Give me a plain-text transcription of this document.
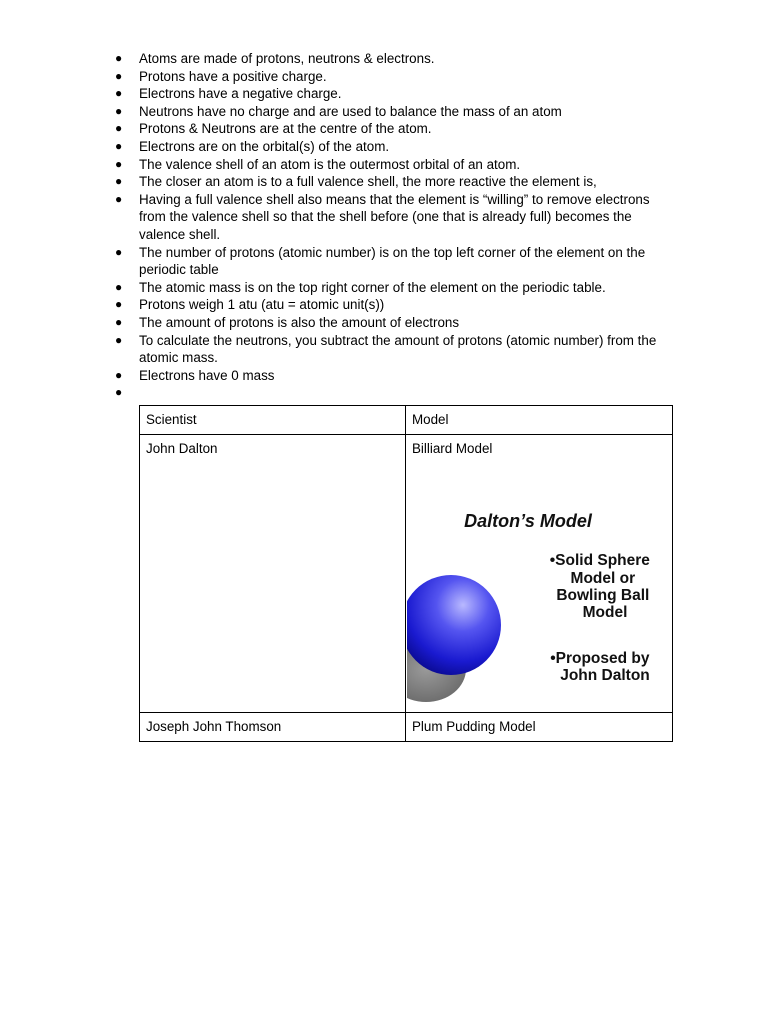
● Atoms are made of protons, neutrons & electrons.
● Protons have a positive charge.
● Electrons have a negative charge.
● Neutrons have no charge and are used to balance the mass of an atom
● Protons & Neutrons are at the centre of the atom.
● Electrons are on the orbital(s) of the atom.
● The valence shell of an atom is the outermost orbital of an atom.
● The closer an atom is to a full valence shell, the more reactive the element is,
● Having a full valence shell also means that the element is “willing” to remove electrons from the valence shell so that the shell before (one that is already full) becomes the valence shell.
● The number of protons (atomic number) is on the top left corner of the element on the periodic table
● The atomic mass is on the top right corner of the element on the periodic table.
● Protons weigh 1 atu (atu = atomic unit(s))
● The amount of protons is also the amount of electrons
● To calculate the neutrons, you subtract the amount of protons (atomic number) from the atomic mass.
● Electrons have 0 mass
●

Scientist	Model
John Dalton	Billiard Model
Dalton’s Model
•Solid Sphere Model or Bowling Ball Model
•Proposed by John Dalton

Joseph John Thomson	Plum Pudding Model
